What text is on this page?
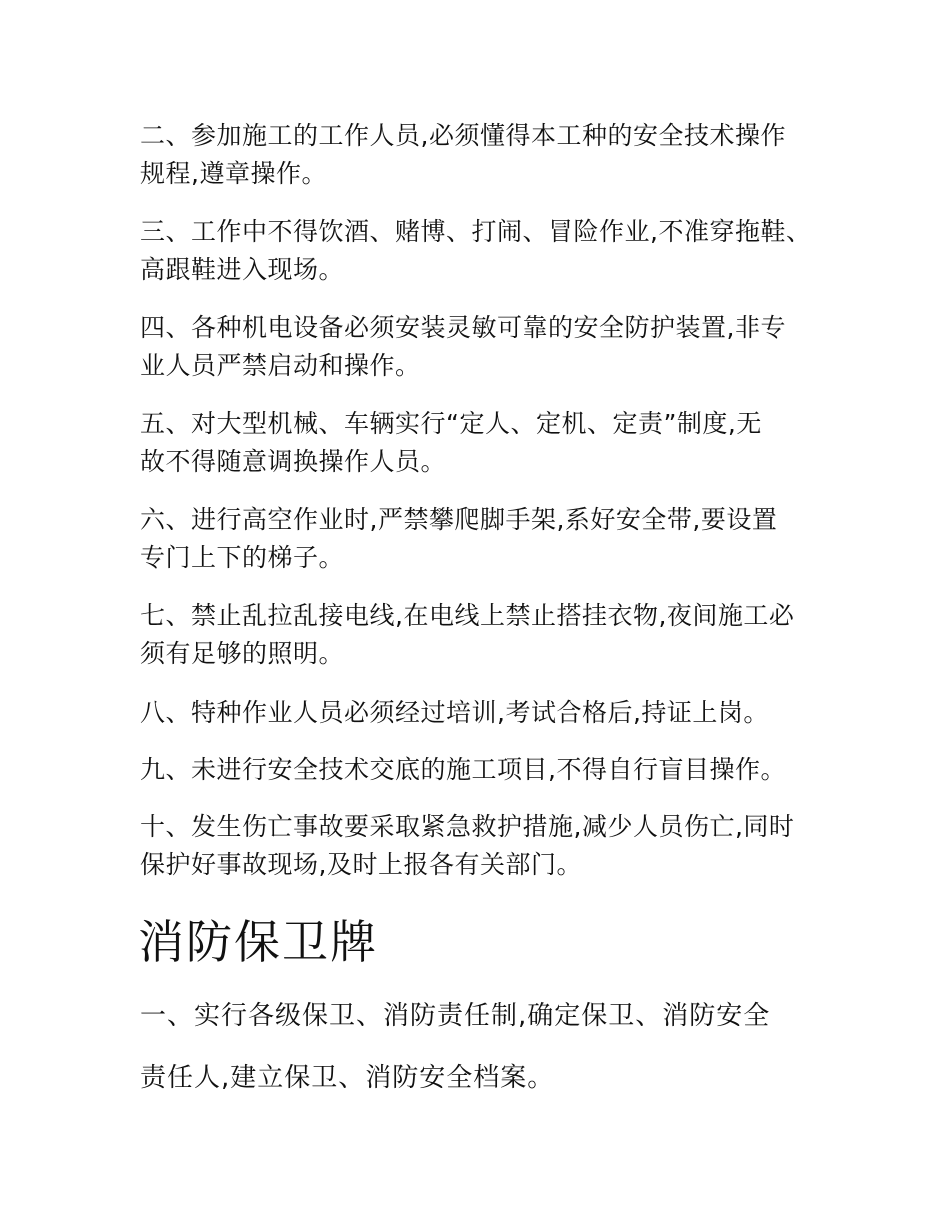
二、参加施工的工作人员,必须懂得本工种的安全技术操作
规程,遵章操作。

三、工作中不得饮酒、赌博、打闹、冒险作业,不准穿拖鞋、
高跟鞋进入现场。

四、各种机电设备必须安装灵敏可靠的安全防护装置,非专
业人员严禁启动和操作。

五、对大型机械、车辆实行“定人、定机、定责”制度,无
故不得随意调换操作人员。

六、进行高空作业时,严禁攀爬脚手架,系好安全带,要设置
专门上下的梯子。

七、禁止乱拉乱接电线,在电线上禁止搭挂衣物,夜间施工必
须有足够的照明。

八、特种作业人员必须经过培训,考试合格后,持证上岗。

九、未进行安全技术交底的施工项目,不得自行盲目操作。

十、发生伤亡事故要采取紧急救护措施,减少人员伤亡,同时
保护好事故现场,及时上报各有关部门。

消防保卫牌

一、实行各级保卫、消防责任制,确定保卫、消防安全

责任人,建立保卫、消防安全档案。
